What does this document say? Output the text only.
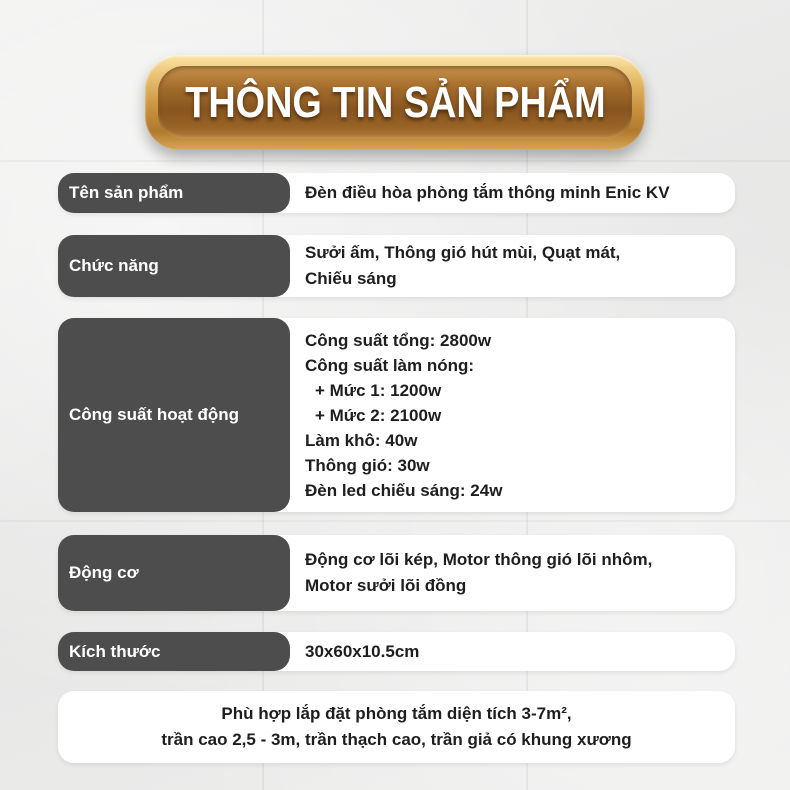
THÔNG TIN SẢN PHẨM
Tên sản phẩm	Đèn điều hòa phòng tắm thông minh Enic KV
Chức năng
Sưởi ấm, Thông gió hút mùi, Quạt mát,
Chiếu sáng
Công suất hoạt động
Công suất tổng: 2800w
Công suất làm nóng:
+ Mức 1: 1200w
+ Mức 2: 2100w
Làm khô: 40w
Thông gió: 30w
Đèn led chiếu sáng: 24w
Động cơ
Động cơ lõi kép, Motor thông gió lõi nhôm,
Motor sưởi lõi đồng
Kích thước	30x60x10.5cm
Phù hợp lắp đặt phòng tắm diện tích 3-7m²,
trần cao 2,5 - 3m, trần thạch cao, trần giả có khung xương
